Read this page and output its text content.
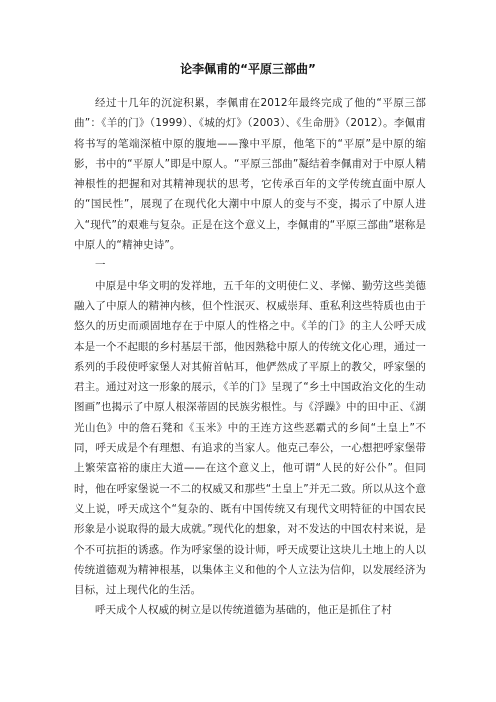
论李佩甫的“平原三部曲”

经过十几年的沉淀积累，李佩甫在2012年最终完成了他的“平原三部曲”：《羊的门》（1999）、《城的灯》（2003）、《生命册》（2012）。李佩甫将书写的笔端深植中原的腹地——豫中平原，他笔下的“平原”是中原的缩影，书中的“平原人”即是中原人。“平原三部曲”凝结着李佩甫对于中原人精神根性的把握和对其精神现状的思考，它传承百年的文学传统直面中原人的“国民性”，展现了在现代化大潮中中原人的变与不变，揭示了中原人进入“现代”的艰难与复杂。正是在这个意义上，李佩甫的“平原三部曲”堪称是中原人的“精神史诗”。

一

中原是中华文明的发祥地，五千年的文明使仁义、孝悌、勤劳这些美德融入了中原人的精神内核，但个性泯灭、权威崇拜、重私利这些特质也由于悠久的历史而顽固地存在于中原人的性格之中。《羊的门》的主人公呼天成本是一个不起眼的乡村基层干部，他因熟稔中原人的传统文化心理，通过一系列的手段使呼家堡人对其俯首帖耳，他俨然成了平原上的教父，呼家堡的君主。通过对这一形象的展示，《羊的门》呈现了“乡土中国政治文化的生动图画”也揭示了中原人根深蒂固的民族劣根性。与《浮躁》中的田中正、《湖光山色》中的詹石凳和《玉米》中的王连方这些恶霸式的乡间“土皇上”不同，呼天成是个有理想、有追求的当家人。他克己奉公，一心想把呼家堡带上繁荣富裕的康庄大道——在这个意义上，他可谓“人民的好公仆”。但同时，他在呼家堡说一不二的权威又和那些“土皇上”并无二致。所以从这个意义上说，呼天成这个“复杂的、既有中国传统又有现代文明特征的中国农民形象是小说取得的最大成就。”现代化的想象，对不发达的中国农村来说，是个不可抗拒的诱惑。作为呼家堡的设计师，呼天成要让这块儿土地上的人以传统道德观为精神根基，以集体主义和他的个人立法为信仰，以发展经济为目标，过上现代化的生活。

呼天成个人权威的树立是以传统道德为基础的，他正是抓住了村
